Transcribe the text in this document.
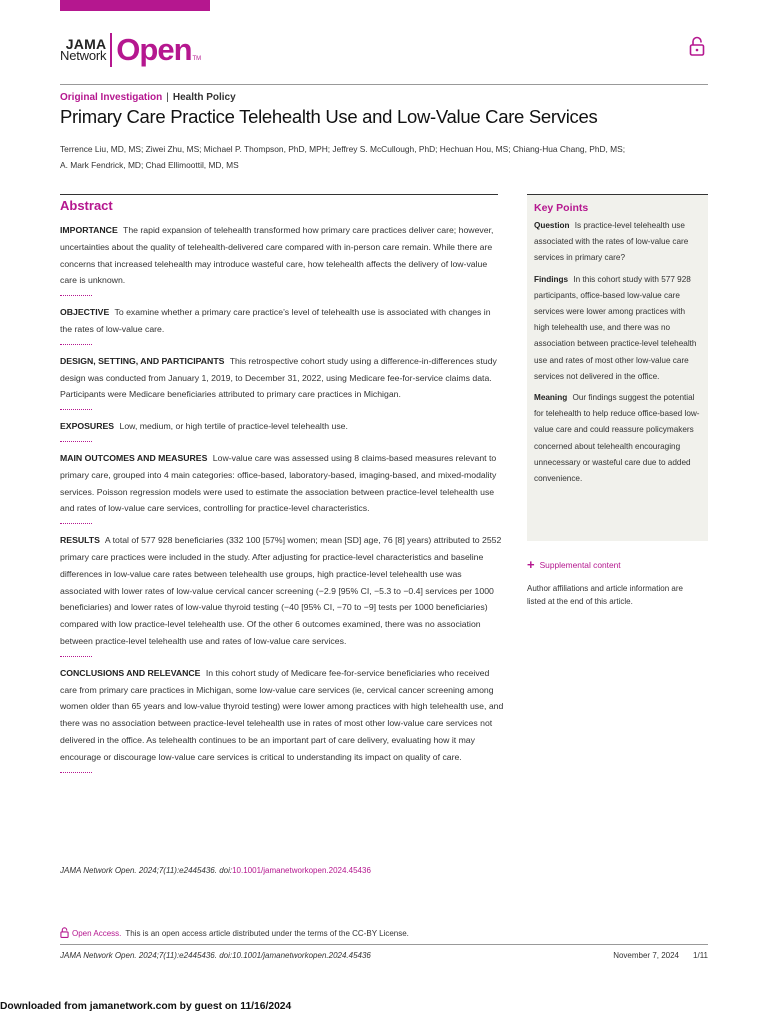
JAMA
Network Open TM
Original Investigation | Health Policy
Primary Care Practice Telehealth Use and Low-Value Care Services
Terrence Liu, MD, MS; Ziwei Zhu, MS; Michael P. Thompson, PhD, MPH; Jeffrey S. McCullough, PhD; Hechuan Hou, MS; Chiang-Hua Chang, PhD, MS;
A. Mark Fendrick, MD; Chad Ellimoottil, MD, MS
Abstract

IMPORTANCE The rapid expansion of telehealth transformed how primary care practices deliver care; however, uncertainties about the quality of telehealth-delivered care compared with in-person care remain. While there are concerns that increased telehealth may introduce wasteful care, how telehealth affects the delivery of low-value care is unknown.

OBJECTIVE To examine whether a primary care practice’s level of telehealth use is associated with changes in the rates of low-value care.

DESIGN, SETTING, AND PARTICIPANTS This retrospective cohort study using a difference-in-differences study design was conducted from January 1, 2019, to December 31, 2022, using Medicare fee-for-service claims data. Participants were Medicare beneficiaries attributed to primary care practices in Michigan.

EXPOSURES Low, medium, or high tertile of practice-level telehealth use.

MAIN OUTCOMES AND MEASURES Low-value care was assessed using 8 claims-based measures relevant to primary care, grouped into 4 main categories: office-based, laboratory-based, imaging-based, and mixed-modality services. Poisson regression models were used to estimate the association between practice-level telehealth use and rates of low-value care services, controlling for practice-level characteristics.

RESULTS A total of 577 928 beneficiaries (332 100 [57%] women; mean [SD] age, 76 [8] years) attributed to 2552 primary care practices were included in the study. After adjusting for practice-level characteristics and baseline differences in low-value care rates between telehealth use groups, high practice-level telehealth use was associated with lower rates of low-value cervical cancer screening (−2.9 [95% CI, −5.3 to −0.4] services per 1000 beneficiaries) and lower rates of low-value thyroid testing (−40 [95% CI, −70 to −9] tests per 1000 beneficiaries) compared with low practice-level telehealth use. Of the other 6 outcomes examined, there was no association between practice-level telehealth use and rates of low-value care services.

CONCLUSIONS AND RELEVANCE In this cohort study of Medicare fee-for-service beneficiaries who received care from primary care practices in Michigan, some low-value care services (ie, cervical cancer screening among women older than 65 years and low-value thyroid testing) were lower among practices with high telehealth use, and there was no association between practice-level telehealth use in rates of most other low-value care services not delivered in the office. As telehealth continues to be an important part of care delivery, evaluating how it may encourage or discourage low-value care services is critical to understanding its impact on quality of care.

JAMA Network Open. 2024;7(11):e2445436. doi:10.1001/jamanetworkopen.2024.45436
Key Points

Question Is practice-level telehealth use associated with the rates of low-value care services in primary care?

Findings In this cohort study with 577 928 participants, office-based low-value care services were lower among practices with high telehealth use, and there was no association between practice-level telehealth use and rates of most other low-value care services not delivered in the office.

Meaning Our findings suggest the potential for telehealth to help reduce office-based low-value care and could reassure policymakers concerned about telehealth encouraging unnecessary or wasteful care due to added convenience.

+ Supplemental content
Author affiliations and article information are listed at the end of this article.
Open Access. This is an open access article distributed under the terms of the CC-BY License.
JAMA Network Open. 2024;7(11):e2445436. doi:10.1001/jamanetworkopen.2024.45436	November 7, 2024 1/11
Downloaded from jamanetwork.com by guest on 11/16/2024
